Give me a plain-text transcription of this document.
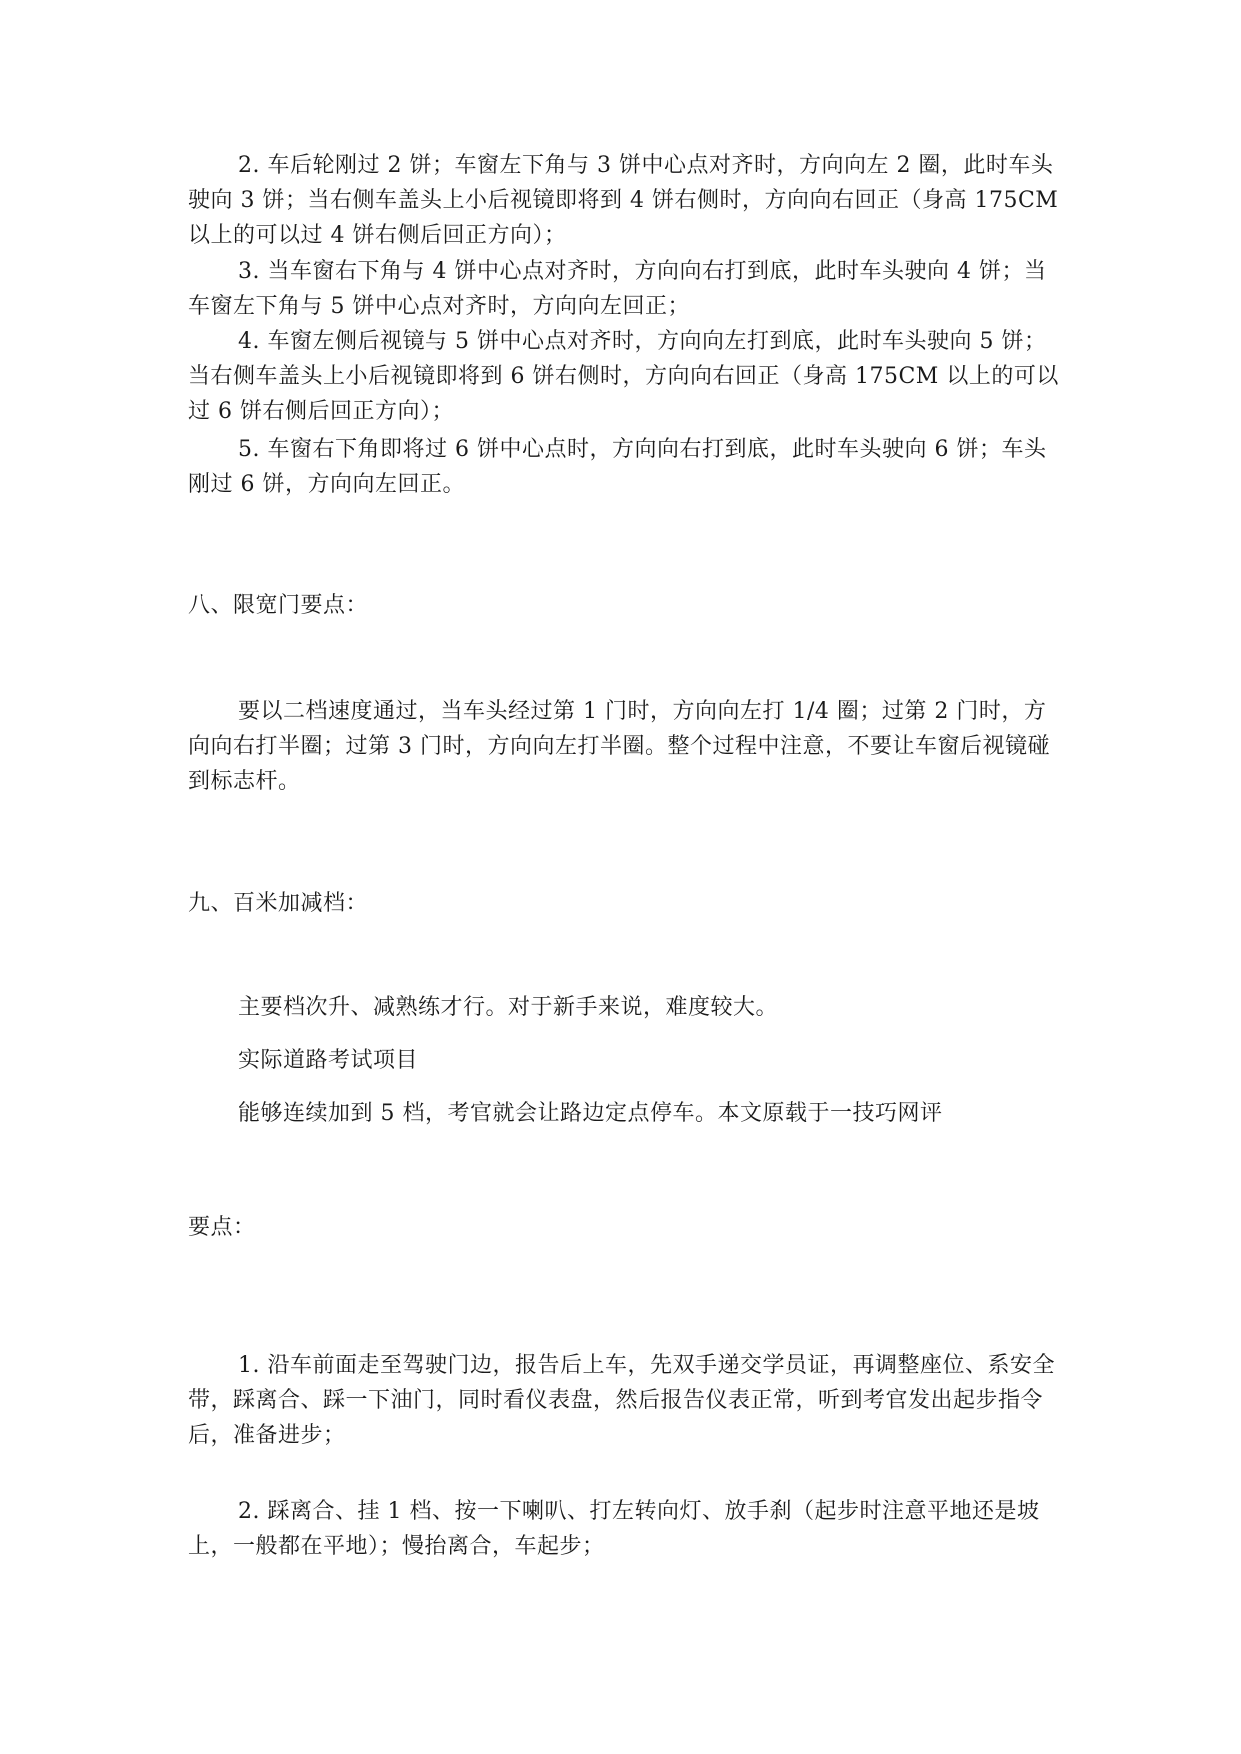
2. 车后轮刚过 2 饼；车窗左下角与 3 饼中心点对齐时，方向向左 2 圈，此时车头驶向 3 饼；当右侧车盖头上小后视镜即将到 4 饼右侧时，方向向右回正（身高 175CM 以上的可以过 4 饼右侧后回正方向）；

3. 当车窗右下角与 4 饼中心点对齐时，方向向右打到底，此时车头驶向 4 饼；当车窗左下角与 5 饼中心点对齐时，方向向左回正；

4. 车窗左侧后视镜与 5 饼中心点对齐时，方向向左打到底，此时车头驶向 5 饼；当右侧车盖头上小后视镜即将到 6 饼右侧时，方向向右回正（身高 175CM 以上的可以过 6 饼右侧后回正方向）；

5. 车窗右下角即将过 6 饼中心点时，方向向右打到底，此时车头驶向 6 饼；车头刚过 6 饼，方向向左回正。

八、限宽门要点：

要以二档速度通过，当车头经过第 1 门时，方向向左打 1/4 圈；过第 2 门时，方向向右打半圈；过第 3 门时，方向向左打半圈。整个过程中注意，不要让车窗后视镜碰到标志杆。

九、百米加减档：

主要档次升、减熟练才行。对于新手来说，难度较大。

实际道路考试项目

能够连续加到 5 档，考官就会让路边定点停车。本文原载于一技巧网评

要点：

1. 沿车前面走至驾驶门边，报告后上车，先双手递交学员证，再调整座位、系安全带，踩离合、踩一下油门，同时看仪表盘，然后报告仪表正常，听到考官发出起步指令后，准备进步；

2. 踩离合、挂 1 档、按一下喇叭、打左转向灯、放手刹（起步时注意平地还是坡上，一般都在平地）；慢抬离合，车起步；
